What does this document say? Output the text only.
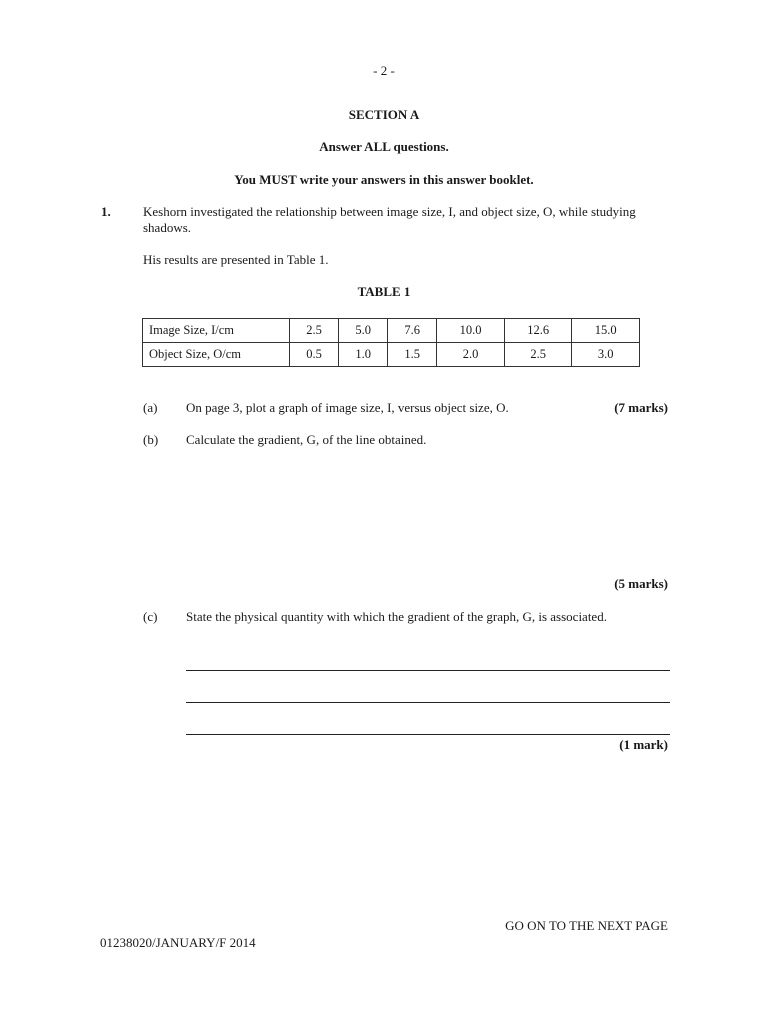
- 2 -
SECTION A
Answer ALL questions.
You MUST write your answers in this answer booklet.
1. Keshorn investigated the relationship between image size, I, and object size, O, while studying
shadows.
His results are presented in Table 1.
TABLE 1
Image Size, I/cm	2.5	5.0	7.6	10.0	12.6	15.0
Object Size, O/cm	0.5	1.0	1.5	2.0	2.5	3.0
(a) On page 3, plot a graph of image size, I, versus object size, O.	(7 marks)
(b) Calculate the gradient, G, of the line obtained.
(5 marks)
(c) State the physical quantity with which the gradient of the graph, G, is associated.
(1 mark)
GO ON TO THE NEXT PAGE
01238020/JANUARY/F 2014
